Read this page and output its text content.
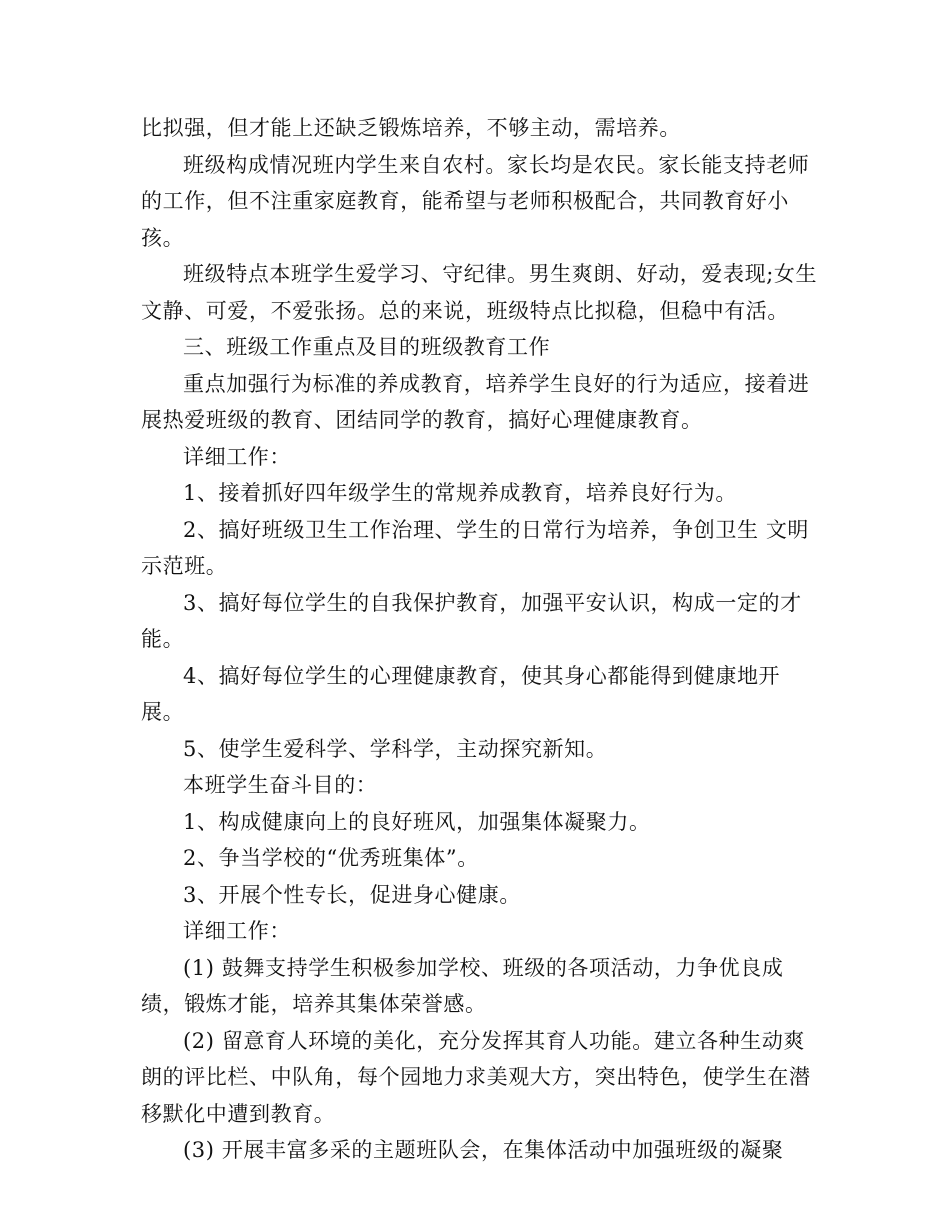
比拟强，但才能上还缺乏锻炼培养，不够主动，需培养。

班级构成情况班内学生来自农村。家长均是农民。家长能支持老师的工作，但不注重家庭教育，能希望与老师积极配合，共同教育好小孩。

班级特点本班学生爱学习、守纪律。男生爽朗、好动，爱表现;女生文静、可爱，不爱张扬。总的来说，班级特点比拟稳，但稳中有活。

三、班级工作重点及目的班级教育工作

重点加强行为标准的养成教育，培养学生良好的行为适应，接着进展热爱班级的教育、团结同学的教育，搞好心理健康教育。

详细工作：

1、接着抓好四年级学生的常规养成教育，培养良好行为。

2、搞好班级卫生工作治理、学生的日常行为培养，争创卫生 文明示范班。

3、搞好每位学生的自我保护教育，加强平安认识，构成一定的才能。

4、搞好每位学生的心理健康教育，使其身心都能得到健康地开展。

5、使学生爱科学、学科学，主动探究新知。

本班学生奋斗目的：

1、构成健康向上的良好班风，加强集体凝聚力。

2、争当学校的“优秀班集体”。

3、开展个性专长，促进身心健康。

详细工作：

(1) 鼓舞支持学生积极参加学校、班级的各项活动，力争优良成绩，锻炼才能，培养其集体荣誉感。

(2) 留意育人环境的美化，充分发挥其育人功能。建立各种生动爽朗的评比栏、中队角，每个园地力求美观大方，突出特色，使学生在潜移默化中遭到教育。

(3) 开展丰富多采的主题班队会，在集体活动中加强班级的凝聚
